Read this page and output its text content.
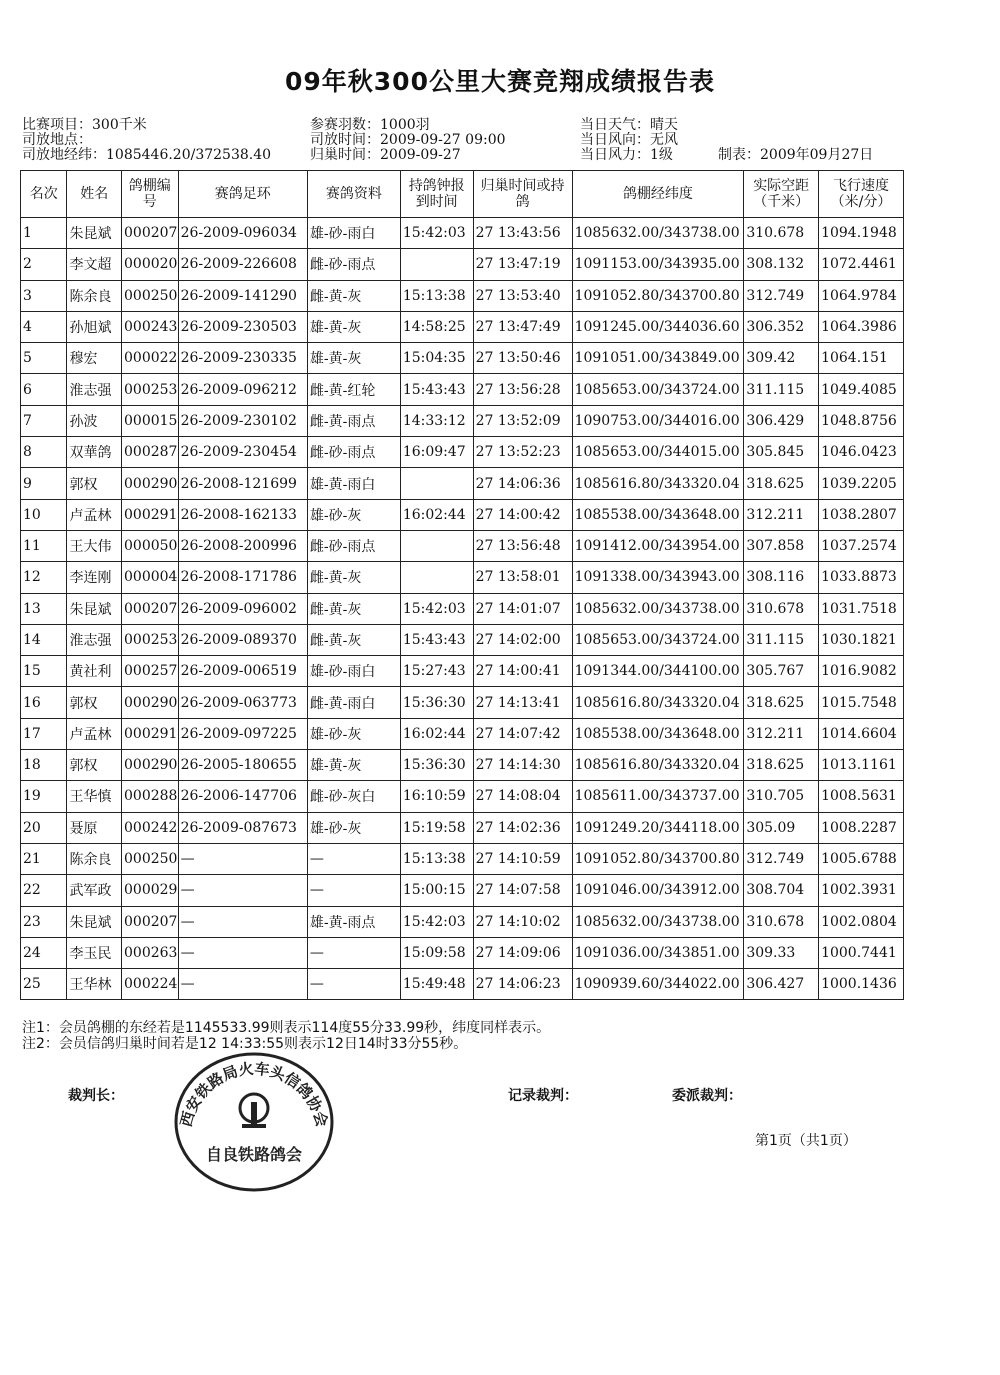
09年秋300公里大赛竞翔成绩报告表
比赛项目：300千米
司放地点：
司放地经纬：1085446.20/372538.40
参赛羽数：1000羽
司放时间：2009-09-27 09:00
归巢时间：2009-09-27
当日天气：晴天
当日风向：无风
当日风力：1级	制表：2009年09月27日
名次	姓名	鸽棚编号	赛鸽足环	赛鸽资料	持鸽钟报到时间	归巢时间或持鸽	鸽棚经纬度	实际空距（千米）	飞行速度（米/分）
1	朱昆斌	000207	26-2009-096034	雄-砂-雨白	15:42:03	27 13:43:56	1085632.00/343738.00	310.678	1094.1948
2	李文超	000020	26-2009-226608	雌-砂-雨点		27 13:47:19	1091153.00/343935.00	308.132	1072.4461
3	陈余良	000250	26-2009-141290	雌-黄-灰	15:13:38	27 13:53:40	1091052.80/343700.80	312.749	1064.9784
4	孙旭斌	000243	26-2009-230503	雄-黄-灰	14:58:25	27 13:47:49	1091245.00/344036.60	306.352	1064.3986
5	穆宏	000022	26-2009-230335	雄-黄-灰	15:04:35	27 13:50:46	1091051.00/343849.00	309.42	1064.151
6	淮志强	000253	26-2009-096212	雌-黄-红轮	15:43:43	27 13:56:28	1085653.00/343724.00	311.115	1049.4085
7	孙波	000015	26-2009-230102	雌-黄-雨点	14:33:12	27 13:52:09	1090753.00/344016.00	306.429	1048.8756
8	双華鸽	000287	26-2009-230454	雌-砂-雨点	16:09:47	27 13:52:23	1085653.00/344015.00	305.845	1046.0423
9	郭权	000290	26-2008-121699	雄-黄-雨白		27 14:06:36	1085616.80/343320.04	318.625	1039.2205
10	卢孟林	000291	26-2008-162133	雄-砂-灰	16:02:44	27 14:00:42	1085538.00/343648.00	312.211	1038.2807
11	王大伟	000050	26-2008-200996	雌-砂-雨点		27 13:56:48	1091412.00/343954.00	307.858	1037.2574
12	李连刚	000004	26-2008-171786	雌-黄-灰		27 13:58:01	1091338.00/343943.00	308.116	1033.8873
13	朱昆斌	000207	26-2009-096002	雌-黄-灰	15:42:03	27 14:01:07	1085632.00/343738.00	310.678	1031.7518
14	淮志强	000253	26-2009-089370	雌-黄-灰	15:43:43	27 14:02:00	1085653.00/343724.00	311.115	1030.1821
15	黄社利	000257	26-2009-006519	雄-砂-雨白	15:27:43	27 14:00:41	1091344.00/344100.00	305.767	1016.9082
16	郭权	000290	26-2009-063773	雌-黄-雨白	15:36:30	27 14:13:41	1085616.80/343320.04	318.625	1015.7548
17	卢孟林	000291	26-2009-097225	雄-砂-灰	16:02:44	27 14:07:42	1085538.00/343648.00	312.211	1014.6604
18	郭权	000290	26-2005-180655	雄-黄-灰	15:36:30	27 14:14:30	1085616.80/343320.04	318.625	1013.1161
19	王华慎	000288	26-2006-147706	雌-砂-灰白	16:10:59	27 14:08:04	1085611.00/343737.00	310.705	1008.5631
20	聂原	000242	26-2009-087673	雄-砂-灰	15:19:58	27 14:02:36	1091249.20/344118.00	305.09	1008.2287
21	陈余良	000250	—	—	15:13:38	27 14:10:59	1091052.80/343700.80	312.749	1005.6788
22	武军政	000029	—	—	15:00:15	27 14:07:58	1091046.00/343912.00	308.704	1002.3931
23	朱昆斌	000207	—	雄-黄-雨点	15:42:03	27 14:10:02	1085632.00/343738.00	310.678	1002.0804
24	李玉民	000263	—	—	15:09:58	27 14:09:06	1091036.00/343851.00	309.33	1000.7441
25	王华林	000224	—	—	15:49:48	27 14:06:23	1090939.60/344022.00	306.427	1000.1436
注1：会员鸽棚的东经若是1145533.99则表示114度55分33.99秒，纬度同样表示。
注2：会员信鸽归巢时间若是12 14:33:55则表示12日14时33分55秒。
西安铁路局火车头信鸽协会
自良铁路鸽会
裁判长：	记录裁判：	委派裁判：
第1页（共1页）
